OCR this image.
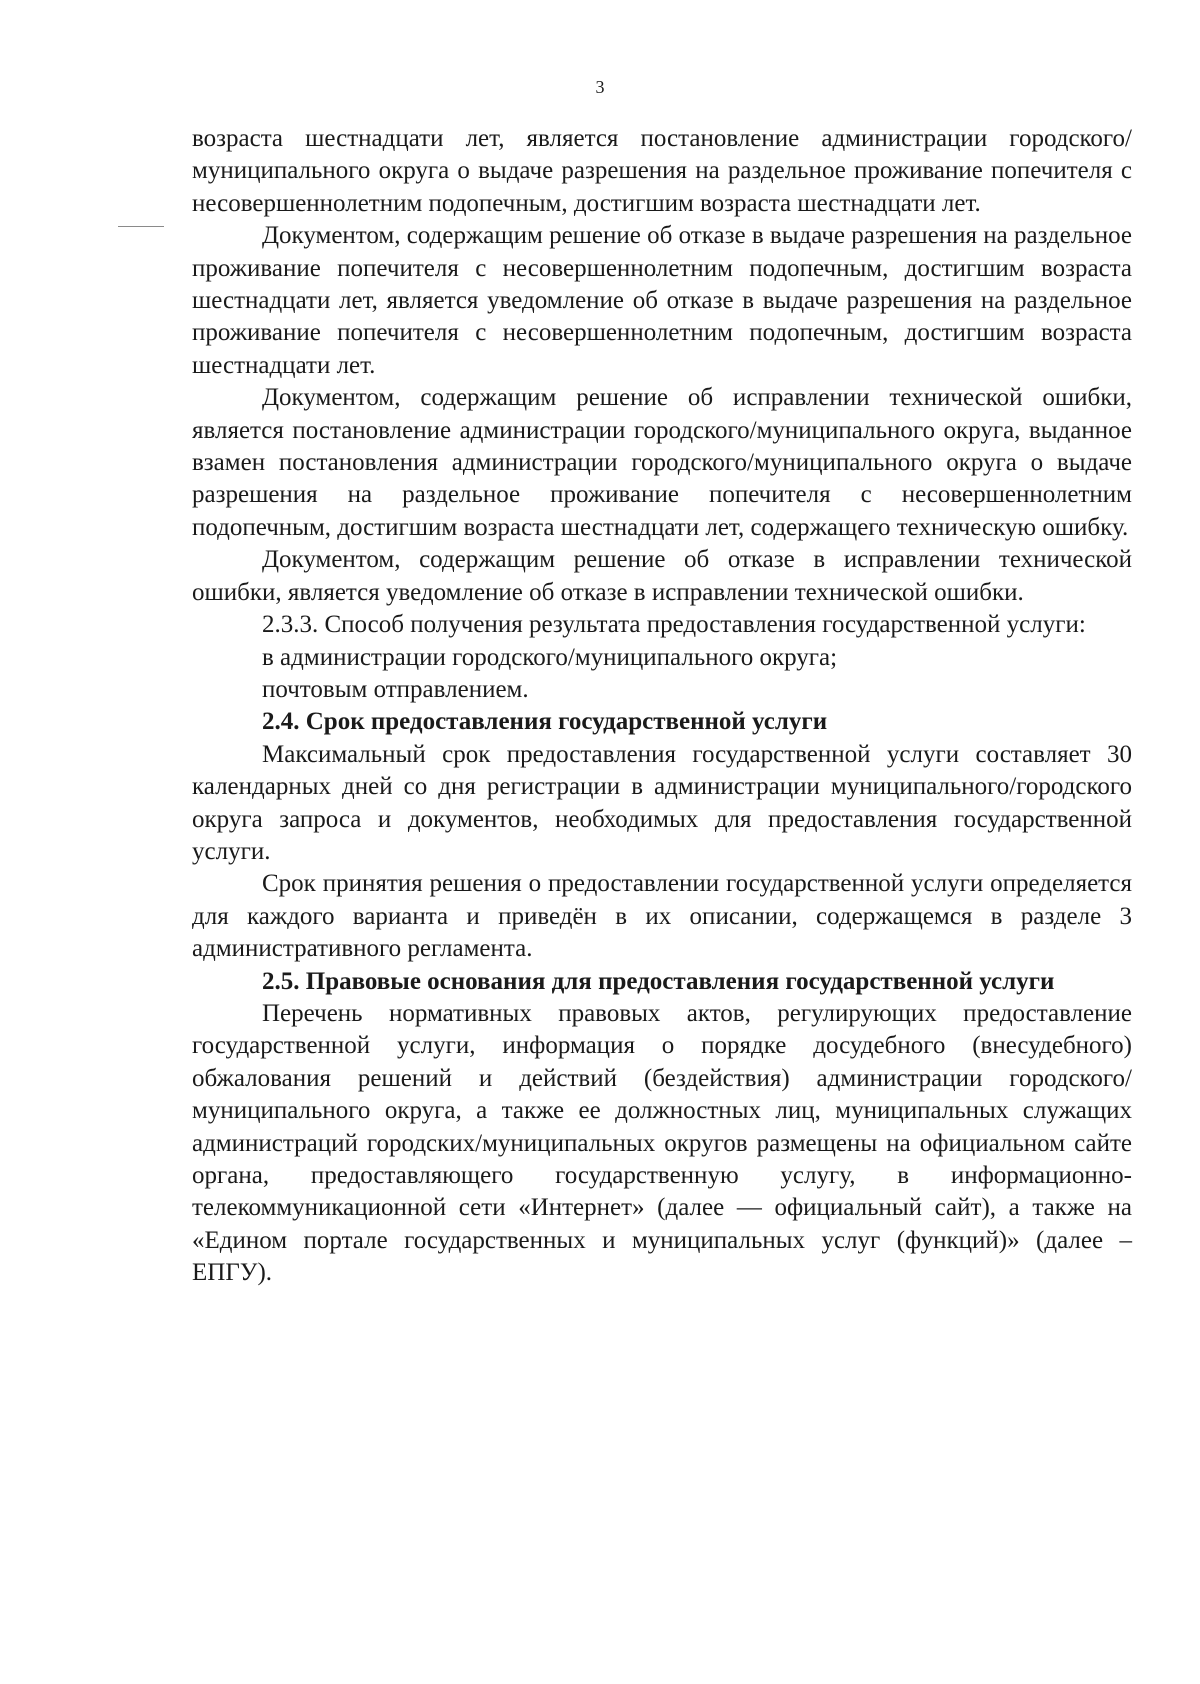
3

возраста шестнадцати лет, является постановление администрации городского/муниципального округа о выдаче разрешения на раздельное проживание попечителя с несовершеннолетним подопечным, достигшим возраста шестнадцати лет.

Документом, содержащим решение об отказе в выдаче разрешения на раздельное проживание попечителя с несовершеннолетним подопечным, достигшим возраста шестнадцати лет, является уведомление об отказе в выдаче разрешения на раздельное проживание попечителя с несовершеннолетним подопечным, достигшим возраста шестнадцати лет.

Документом, содержащим решение об исправлении технической ошибки, является постановление администрации городского/муниципального округа, выданное взамен постановления администрации городского/муниципального округа о выдаче разрешения на раздельное проживание попечителя с несовершеннолетним подопечным, достигшим возраста шестнадцати лет, содержащего техническую ошибку.

Документом, содержащим решение об отказе в исправлении технической ошибки, является уведомление об отказе в исправлении технической ошибки.

2.3.3. Способ получения результата предоставления государственной услуги:

в администрации городского/муниципального округа;

почтовым отправлением.

2.4. Срок предоставления государственной услуги

Максимальный срок предоставления государственной услуги составляет 30 календарных дней со дня регистрации в администрации муниципального/городского округа запроса и документов, необходимых для предоставления государственной услуги.

Срок принятия решения о предоставлении государственной услуги определяется для каждого варианта и приведён в их описании, содержащемся в разделе 3 административного регламента.

2.5. Правовые основания для предоставления государственной услуги

Перечень нормативных правовых актов, регулирующих предоставление государственной услуги, информация о порядке досудебного (внесудебного) обжалования решений и действий (бездействия) администрации городского/муниципального округа, а также ее должностных лиц, муниципальных служащих администраций городских/муниципальных округов размещены на официальном сайте органа, предоставляющего государственную услугу, в информационно-телекоммуникационной сети «Интернет» (далее — официальный сайт), а также на «Едином портале государственных и муниципальных услуг (функций)» (далее – ЕПГУ).
